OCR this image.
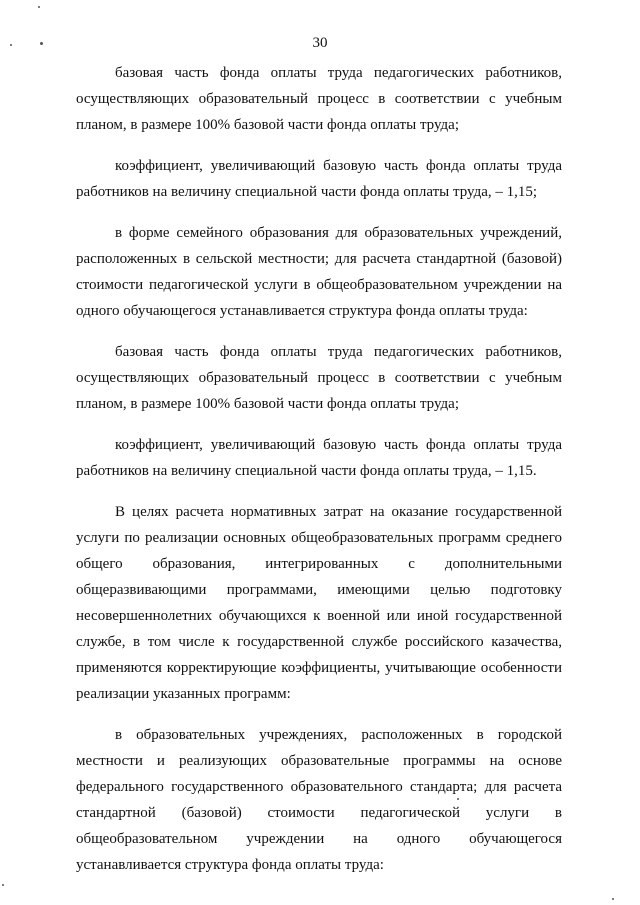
30

базовая часть фонда оплаты труда педагогических работников, осуществляющих образовательный процесс в соответствии с учебным планом, в размере 100% базовой части фонда оплаты труда;

коэффициент, увеличивающий базовую часть фонда оплаты труда работников на величину специальной части фонда оплаты труда, – 1,15;

в форме семейного образования для образовательных учреждений, расположенных в сельской местности; для расчета стандартной (базовой) стоимости педагогической услуги в общеобразовательном учреждении на одного обучающегося устанавливается структура фонда оплаты труда:

базовая часть фонда оплаты труда педагогических работников, осуществляющих образовательный процесс в соответствии с учебным планом, в размере 100% базовой части фонда оплаты труда;

коэффициент, увеличивающий базовую часть фонда оплаты труда работников на величину специальной части фонда оплаты труда, – 1,15.

В целях расчета нормативных затрат на оказание государственной услуги по реализации основных общеобразовательных программ среднего общего образования, интегрированных с дополнительными общеразвивающими программами, имеющими целью подготовку несовершеннолетних обучающихся к военной или иной государственной службе, в том числе к государственной службе российского казачества, применяются корректирующие коэффициенты, учитывающие особенности реализации указанных программ:

в образовательных учреждениях, расположенных в городской местности и реализующих образовательные программы на основе федерального государственного образовательного стандарта; для расчета стандартной (базовой) стоимости педагогической услуги в общеобразовательном учреждении на одного обучающегося устанавливается структура фонда оплаты труда:
